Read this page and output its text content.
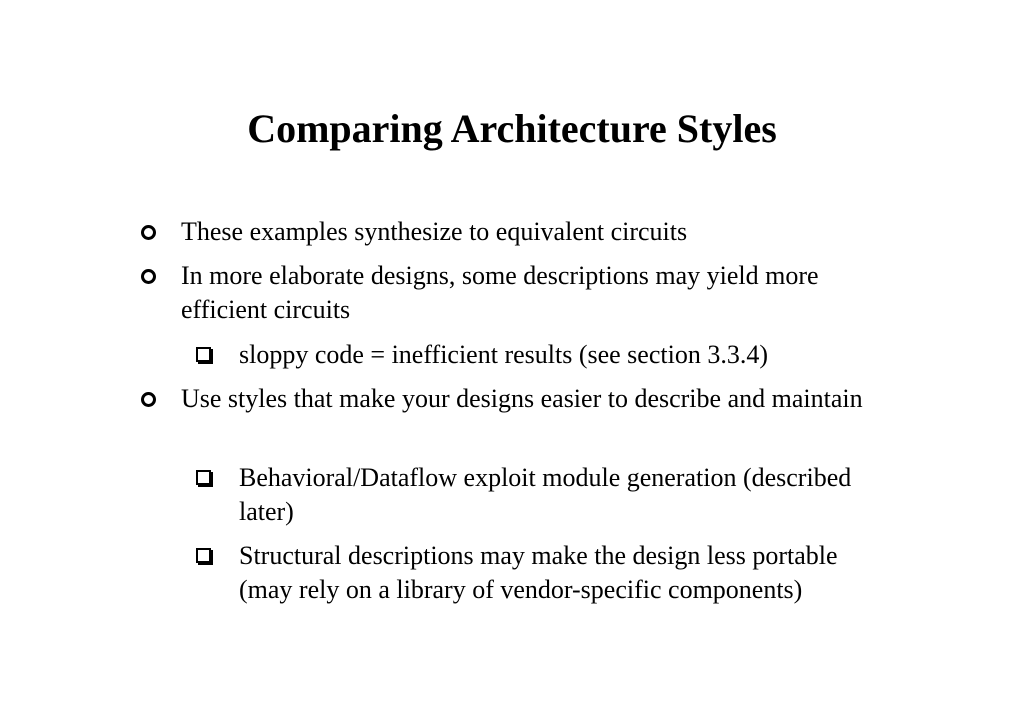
Comparing Architecture Styles
These examples synthesize to equivalent circuits
In more elaborate designs, some descriptions may yield more efficient circuits
sloppy code = inefficient results (see section 3.3.4)
Use styles that make your designs easier to describe and maintain
Behavioral/Dataflow exploit module generation (described later)
Structural descriptions may make the design less portable (may rely on a library of vendor-specific components)
